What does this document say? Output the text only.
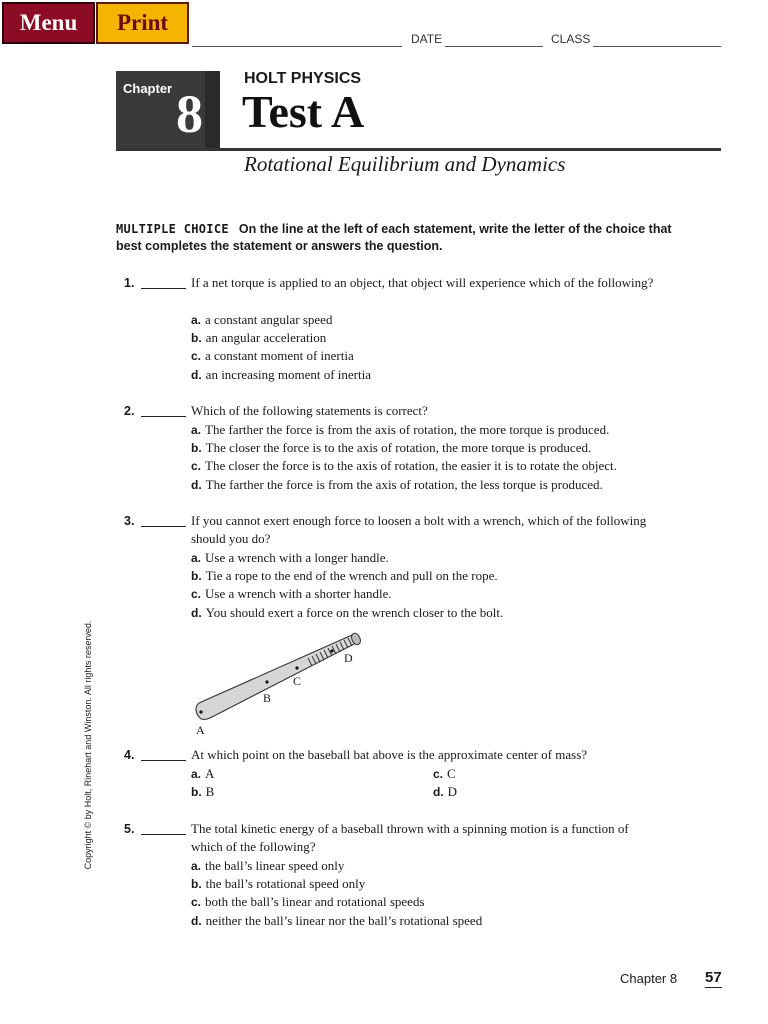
Menu	Print
DATE	CLASS
Chapter 8
HOLT PHYSICS
Test A
Rotational Equilibrium and Dynamics
MULTIPLE CHOICE On the line at the left of each statement, write the letter of the choice that best completes the statement or answers the question.
1.	If a net torque is applied to an object, that object will experience which of the following?
a. a constant angular speed
b. an angular acceleration
c. a constant moment of inertia
d. an increasing moment of inertia
2.	Which of the following statements is correct?
a. The farther the force is from the axis of rotation, the more torque is produced.
b. The closer the force is to the axis of rotation, the more torque is produced.
c. The closer the force is to the axis of rotation, the easier it is to rotate the object.
d. The farther the force is from the axis of rotation, the less torque is produced.
3.	If you cannot exert enough force to loosen a bolt with a wrench, which of the following should you do?
a. Use a wrench with a longer handle.
b. Tie a rope to the end of the wrench and pull on the rope.
c. Use a wrench with a shorter handle.
d. You should exert a force on the wrench closer to the bolt.
A
B
C
D
4.	At which point on the baseball bat above is the approximate center of mass?
a. A
b. B
c. C
d. D
5.	The total kinetic energy of a baseball thrown with a spinning motion is a function of which of the following?
a. the ball’s linear speed only
b. the ball’s rotational speed only
c. both the ball’s linear and rotational speeds
d. neither the ball’s linear nor the ball’s rotational speed
Copyright © by Holt, Rinehart and Winston. All rights reserved.
Chapter 8 57
